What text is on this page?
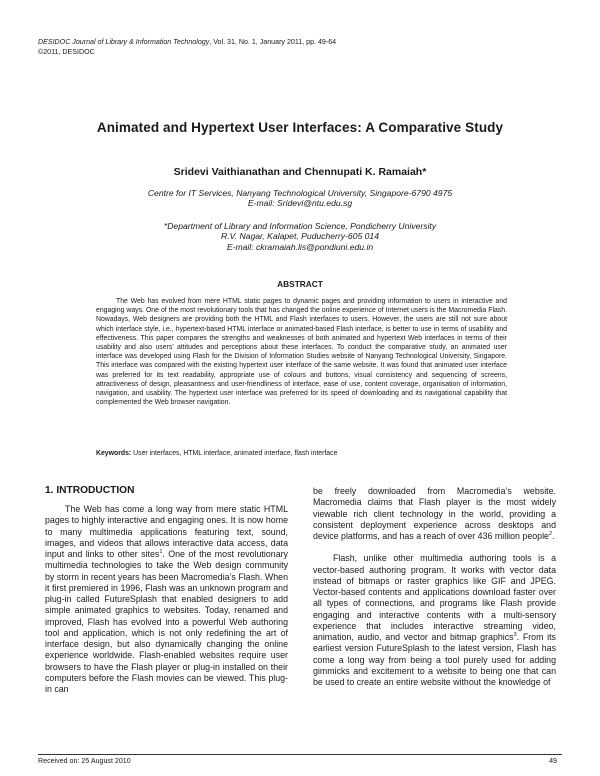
DESIDOC Journal of Library & Information Technology, Vol. 31, No. 1, January 2011, pp. 49-64
©2011, DESIDOC
Animated and Hypertext User Interfaces: A Comparative Study
Sridevi Vaithianathan and Chennupati K. Ramaiah*
Centre for IT Services, Nanyang Technological University, Singapore-6790 4975
E-mail: Sridevi@ntu.edu.sg
*Department of Library and Information Science, Pondicherry University
R.V. Nagar, Kalapet, Puducherry-605 014
E-mail: ckramaiah.lis@pondiuni.edu.in
ABSTRACT
The Web has evolved from mere HTML static pages to dynamic pages and providing information to users in interactive and engaging ways. One of the most revolutionary tools that has changed the online experience of Internet users is the Macromedia Flash. Nowadays, Web designers are providing both the HTML and Flash interfaces to users. However, the users are still not sure about which interface style, i.e., hypertext-based HTML interface or animated-based Flash interface, is better to use in terms of usability and effectiveness. This paper compares the strengths and weaknesses of both animated and hypertext Web interfaces in terms of their usability and also users’ attitudes and perceptions about these interfaces. To conduct the comparative study, an animated user interface was developed using Flash for the Division of Information Studies website of Nanyang Technological University, Singapore. This interface was compared with the existing hypertext user interface of the same website. It was found that animated user interface was preferred for its text readability, appropriate use of colours and buttons, visual consistency and sequencing of screens, attractiveness of design, pleasantness and user-friendliness of interface, ease of use, content coverage, organisation of information, navigation, and usability. The hypertext user interface was preferred for its speed of downloading and its navigational capability that complemented the Web browser navigation.
Keywords: User interfaces, HTML interface, animated interface, flash interface
1. INTRODUCTION

The Web has come a long way from mere static HTML pages to highly interactive and engaging ones. It is now home to many multimedia applications featuring text, sound, images, and videos that allows interactive data access, data input and links to other sites$^1$. One of the most revolutionary multimedia technologies to take the Web design community by storm in recent years has been Macromedia’s Flash. When it first premiered in 1996, Flash was an unknown program and plug-in called FutureSplash that enabled designers to add simple animated graphics to websites. Today, renamed and improved, Flash has evolved into a powerful Web authoring tool and application, which is not only redefining the art of interface design, but also dynamically changing the online experience worldwide. Flash-enabled websites require user browsers to have the Flash player or plug-in installed on their computers before the Flash movies can be viewed. This plug-in can

be freely downloaded from Macromedia’s website. Macromedia claims that Flash player is the most widely viewable rich client technology in the world, providing a consistent deployment experience across desktops and device platforms, and has a reach of over 436 million people$^2$.

Flash, unlike other multimedia authoring tools is a vector-based authoring program. It works with vector data instead of bitmaps or raster graphics like GIF and JPEG. Vector-based contents and applications download faster over all types of connections, and programs like Flash provide engaging and interactive contents with a multi-sensory experience that includes interactive streaming video, animation, audio, and vector and bitmap graphics$^3$. From its earliest version FutureSplash to the latest version, Flash has come a long way from being a tool purely used for adding gimmicks and excitement to a website to being one that can be used to create an entire website without the knowledge of

Received on: 25 August 2010	49
